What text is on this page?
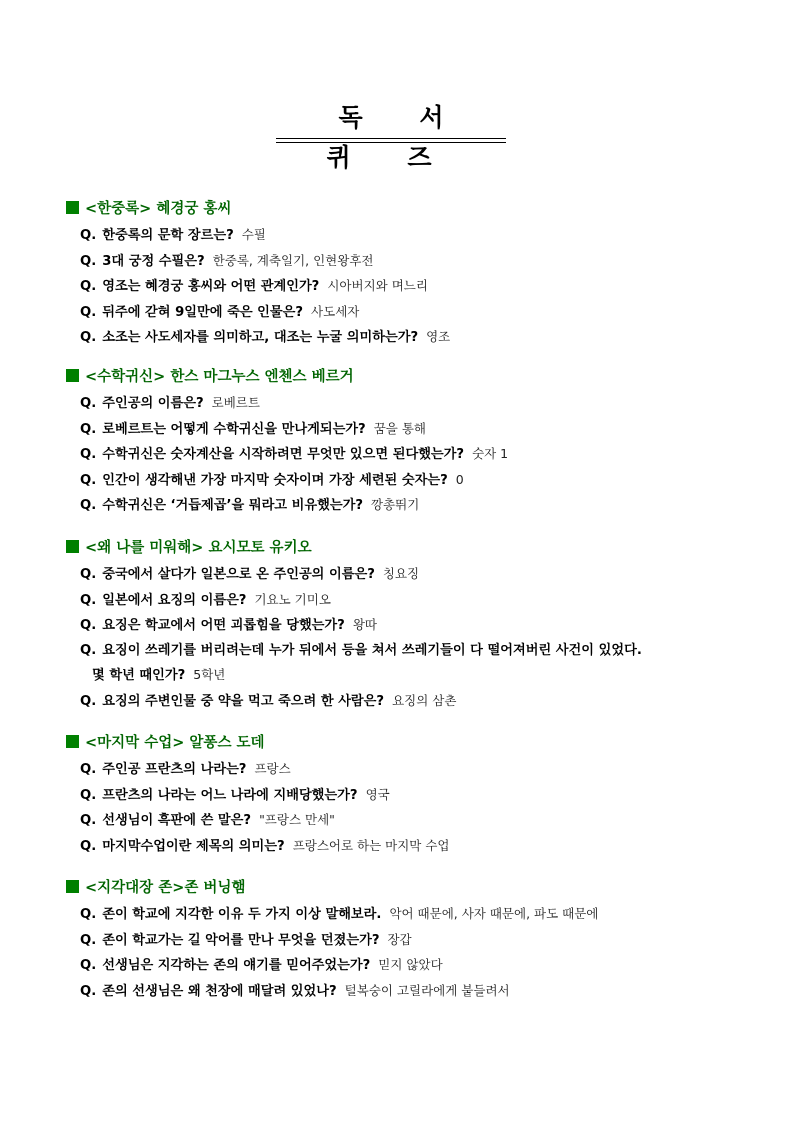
독 서 퀴 즈
<한중록> 혜경궁 홍씨
Q. 한중록의 문학 장르는? 수필
Q. 3대 궁정 수필은? 한중록, 계축일기, 인현왕후전
Q. 영조는 혜경궁 홍씨와 어떤 관계인가? 시아버지와 며느리
Q. 뒤주에 갇혀 9일만에 죽은 인물은? 사도세자
Q. 소조는 사도세자를 의미하고, 대조는 누굴 의미하는가? 영조
<수학귀신> 한스 마그누스 엔첸스 베르거
Q. 주인공의 이름은? 로베르트
Q. 로베르트는 어떻게 수학귀신을 만나게되는가? 꿈을 통해
Q. 수학귀신은 숫자계산을 시작하려면 무엇만 있으면 된다했는가? 숫자 1
Q. 인간이 생각해낸 가장 마지막 숫자이며 가장 세련된 숫자는? 0
Q. 수학귀신은 ‘거듭제곱’을 뭐라고 비유했는가? 깡총뛰기
<왜 나를 미워해> 요시모토 유키오
Q. 중국에서 살다가 일본으로 온 주인공의 이름은? 칭요징
Q. 일본에서 요징의 이름은? 기요노 기미오
Q. 요징은 학교에서 어떤 괴롭힘을 당했는가? 왕따
Q. 요징이 쓰레기를 버리려는데 누가 뒤에서 등을 쳐서 쓰레기들이 다 떨어져버린 사건이 있었다.
몇 학년 때인가? 5학년
Q. 요징의 주변인물 중 약을 먹고 죽으려 한 사람은? 요징의 삼촌
<마지막 수업> 알퐁스 도데
Q. 주인공 프란츠의 나라는? 프랑스
Q. 프란츠의 나라는 어느 나라에 지배당했는가? 영국
Q. 선생님이 흑판에 쓴 말은? "프랑스 만세"
Q. 마지막수업이란 제목의 의미는? 프랑스어로 하는 마지막 수업
<지각대장 존>존 버닝햄
Q. 존이 학교에 지각한 이유 두 가지 이상 말해보라. 악어 때문에, 사자 때문에, 파도 때문에
Q. 존이 학교가는 길 악어를 만나 무엇을 던졌는가? 장갑
Q. 선생님은 지각하는 존의 얘기를 믿어주었는가? 믿지 않았다
Q. 존의 선생님은 왜 천장에 매달려 있었나? 털복숭이 고릴라에게 붙들려서
